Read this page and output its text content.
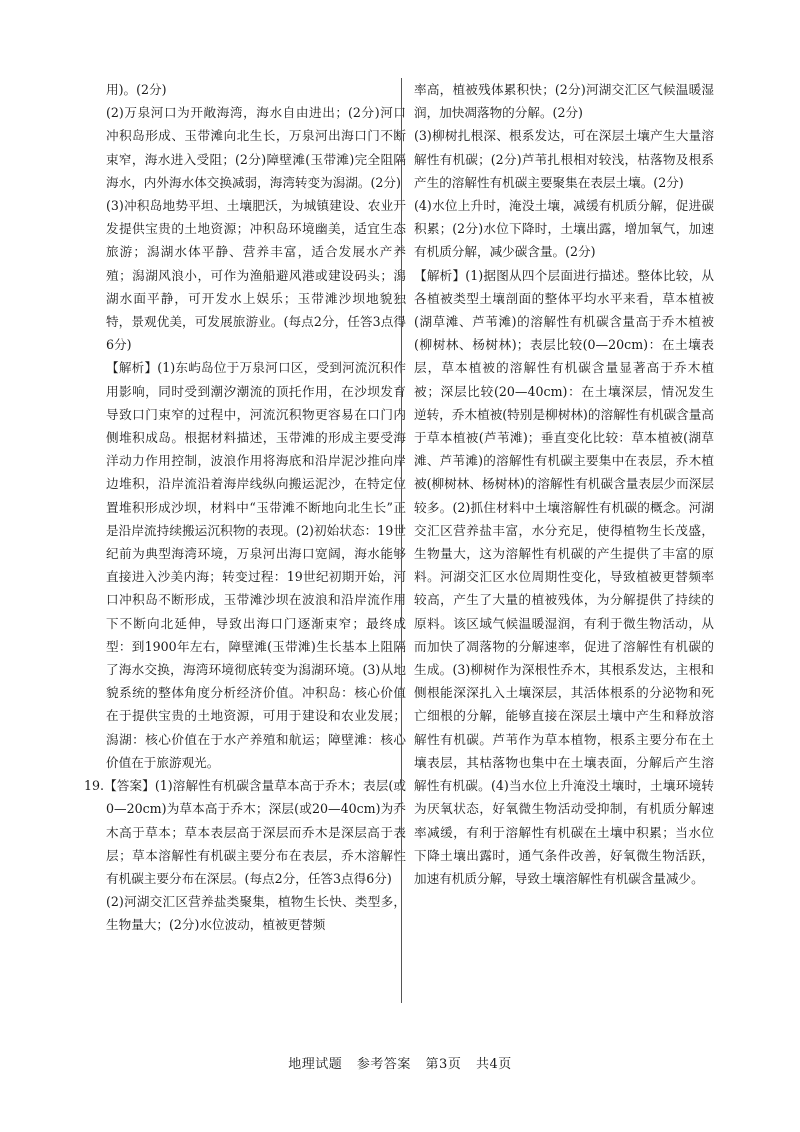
用)。(2分)

(2)万泉河口为开敞海湾，海水自由进出；(2分)河口冲积岛形成、玉带滩向北生长，万泉河出海口门不断束窄，海水进入受阻；(2分)障壁滩(玉带滩)完全阻隔海水，内外海水体交换减弱，海湾转变为潟湖。(2分)

(3)冲积岛地势平坦、土壤肥沃，为城镇建设、农业开发提供宝贵的土地资源；冲积岛环境幽美，适宜生态旅游；潟湖水体平静、营养丰富，适合发展水产养殖；潟湖风浪小，可作为渔船避风港或建设码头；潟湖水面平静，可开发水上娱乐；玉带滩沙坝地貌独特，景观优美，可发展旅游业。(每点2分，任答3点得6分)

【解析】(1)东屿岛位于万泉河口区，受到河流沉积作用影响，同时受到潮汐潮流的顶托作用，在沙坝发育导致口门束窄的过程中，河流沉积物更容易在口门内侧堆积成岛。根据材料描述，玉带滩的形成主要受海洋动力作用控制，波浪作用将海底和沿岸泥沙推向岸边堆积，沿岸流沿着海岸线纵向搬运泥沙，在特定位置堆积形成沙坝，材料中“玉带滩不断地向北生长”正是沿岸流持续搬运沉积物的表现。(2)初始状态：19世纪前为典型海湾环境，万泉河出海口宽阔，海水能够直接进入沙美内海；转变过程：19世纪初期开始，河口冲积岛不断形成，玉带滩沙坝在波浪和沿岸流作用下不断向北延伸，导致出海口门逐渐束窄；最终成型：到1900年左右，障壁滩(玉带滩)生长基本上阻隔了海水交换，海湾环境彻底转变为潟湖环境。(3)从地貌系统的整体角度分析经济价值。冲积岛：核心价值在于提供宝贵的土地资源，可用于建设和农业发展；潟湖：核心价值在于水产养殖和航运；障壁滩：核心价值在于旅游观光。

19.【答案】(1)溶解性有机碳含量草本高于乔木；表层(或0—20cm)为草本高于乔木；深层(或20—40cm)为乔木高于草本；草本表层高于深层而乔木是深层高于表层；草本溶解性有机碳主要分布在表层，乔木溶解性有机碳主要分布在深层。(每点2分，任答3点得6分)

(2)河湖交汇区营养盐类聚集，植物生长快、类型多，生物量大；(2分)水位波动，植被更替频

率高，植被残体累积快；(2分)河湖交汇区气候温暖湿润，加快凋落物的分解。(2分)

(3)柳树扎根深、根系发达，可在深层土壤产生大量溶解性有机碳；(2分)芦苇扎根相对较浅，枯落物及根系产生的溶解性有机碳主要聚集在表层土壤。(2分)

(4)水位上升时，淹没土壤，减缓有机质分解，促进碳积累；(2分)水位下降时，土壤出露，增加氧气，加速有机质分解，减少碳含量。(2分)

【解析】(1)据图从四个层面进行描述。整体比较，从各植被类型土壤剖面的整体平均水平来看，草本植被(湖草滩、芦苇滩)的溶解性有机碳含量高于乔木植被(柳树林、杨树林)；表层比较(0—20cm)：在土壤表层，草本植被的溶解性有机碳含量显著高于乔木植被；深层比较(20—40cm)：在土壤深层，情况发生逆转，乔木植被(特别是柳树林)的溶解性有机碳含量高于草本植被(芦苇滩)；垂直变化比较：草本植被(湖草滩、芦苇滩)的溶解性有机碳主要集中在表层，乔木植被(柳树林、杨树林)的溶解性有机碳含量表层少而深层较多。(2)抓住材料中土壤溶解性有机碳的概念。河湖交汇区营养盐丰富，水分充足，使得植物生长茂盛，生物量大，这为溶解性有机碳的产生提供了丰富的原料。河湖交汇区水位周期性变化，导致植被更替频率较高，产生了大量的植被残体，为分解提供了持续的原料。该区域气候温暖湿润，有利于微生物活动，从而加快了凋落物的分解速率，促进了溶解性有机碳的生成。(3)柳树作为深根性乔木，其根系发达，主根和侧根能深深扎入土壤深层，其活体根系的分泌物和死亡细根的分解，能够直接在深层土壤中产生和释放溶解性有机碳。芦苇作为草本植物，根系主要分布在土壤表层，其枯落物也集中在土壤表面，分解后产生溶解性有机碳。(4)当水位上升淹没土壤时，土壤环境转为厌氧状态，好氧微生物活动受抑制，有机质分解速率减缓，有利于溶解性有机碳在土壤中积累；当水位下降土壤出露时，通气条件改善，好氧微生物活跃，加速有机质分解，导致土壤溶解性有机碳含量减少。

地理试题 参考答案 第3页 共4页
